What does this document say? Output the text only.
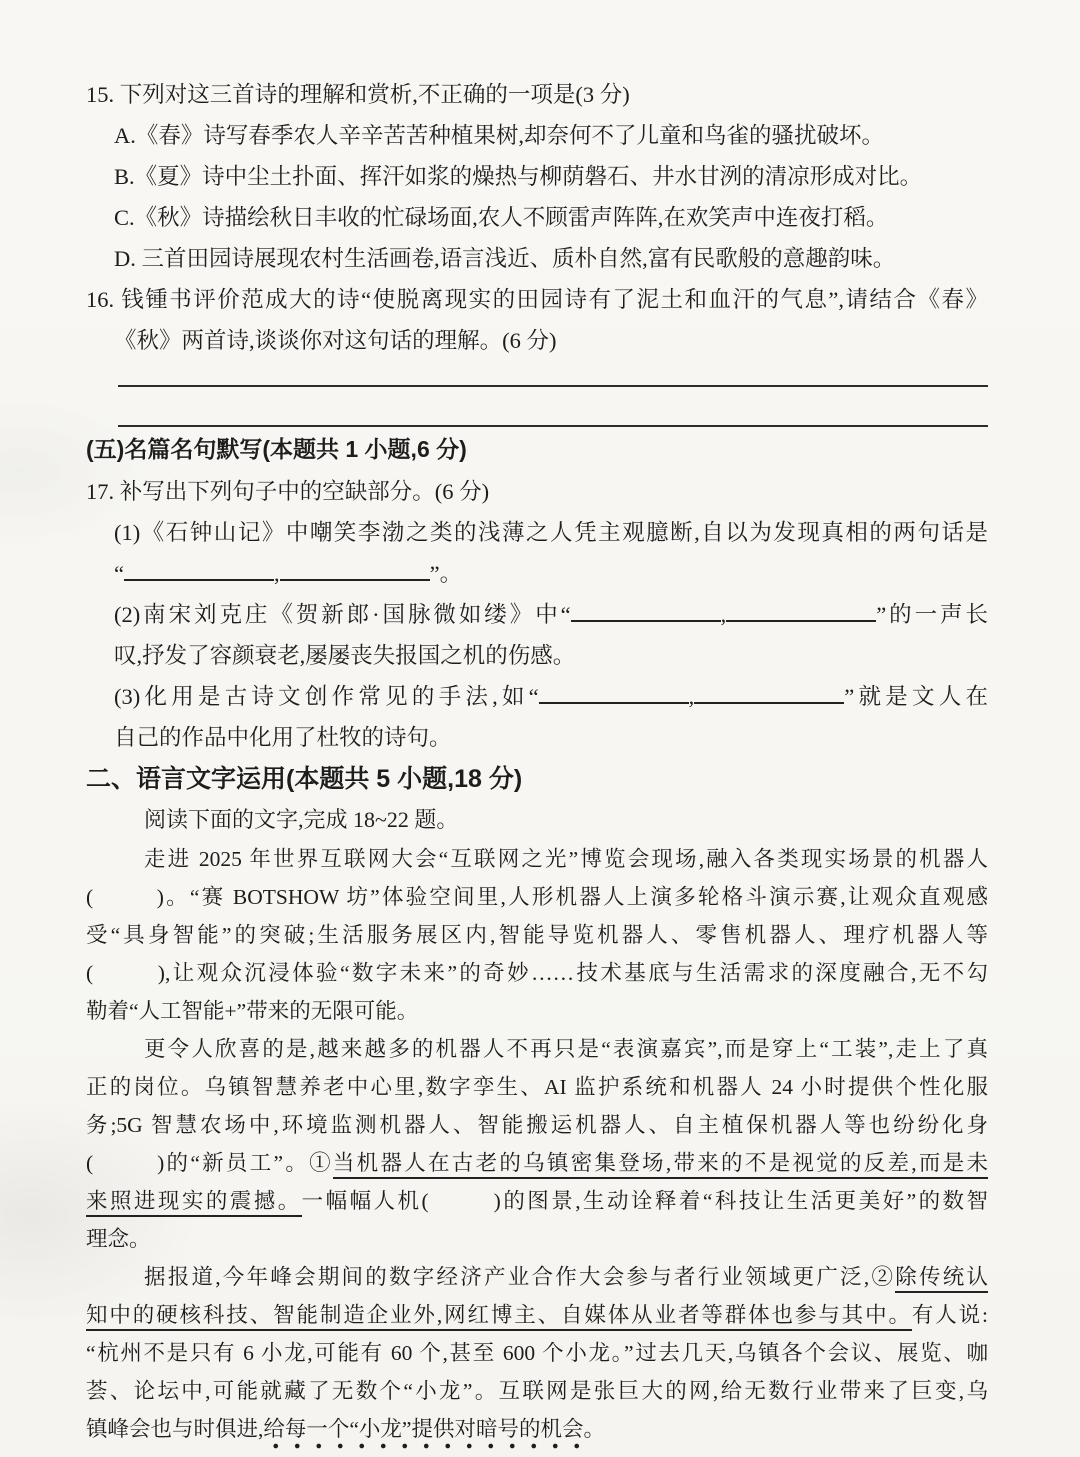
15. 下列对这三首诗的理解和赏析,不正确的一项是(3 分)
A.《春》诗写春季农人辛辛苦苦种植果树,却奈何不了儿童和鸟雀的骚扰破坏。
B.《夏》诗中尘土扑面、挥汗如浆的燥热与柳荫磐石、井水甘洌的清凉形成对比。
C.《秋》诗描绘秋日丰收的忙碌场面,农人不顾雷声阵阵,在欢笑声中连夜打稻。
D. 三首田园诗展现农村生活画卷,语言浅近、质朴自然,富有民歌般的意趣韵味。
16. 钱锺书评价范成大的诗“使脱离现实的田园诗有了泥土和血汗的气息”,请结合《春》
《秋》两首诗,谈谈你对这句话的理解。(6 分)
(五)名篇名句默写(本题共 1 小题,6 分)
17. 补写出下列句子中的空缺部分。(6 分)
(1)《石钟山记》中嘲笑李渤之类的浅薄之人凭主观臆断,自以为发现真相的两句话是
“	,	”。
(2)南宋刘克庄《贺新郎·国脉微如缕》中“	,	”的一声长
叹,抒发了容颜衰老,屡屡丧失报国之机的伤感。
(3)化用是古诗文创作常见的手法,如“	,	”就是文人在
自己的作品中化用了杜牧的诗句。
二、语言文字运用(本题共 5 小题,18 分)
阅读下面的文字,完成 18~22 题。
走进 2025 年世界互联网大会“互联网之光”博览会现场,融入各类现实场景的机器人
(      )。“赛 BOTSHOW 坊”体验空间里,人形机器人上演多轮格斗演示赛,让观众直观感
受“具身智能”的突破;生活服务展区内,智能导览机器人、零售机器人、理疗机器人等
(      ),让观众沉浸体验“数字未来”的奇妙……技术基底与生活需求的深度融合,无不勾
勒着“人工智能+”带来的无限可能。
更令人欣喜的是,越来越多的机器人不再只是“表演嘉宾”,而是穿上“工装”,走上了真
正的岗位。乌镇智慧养老中心里,数字孪生、AI 监护系统和机器人 24 小时提供个性化服
务;5G 智慧农场中,环境监测机器人、智能搬运机器人、自主植保机器人等也纷纷化身
(      )的“新员工”。①当机器人在古老的乌镇密集登场,带来的不是视觉的反差,而是未
来照进现实的震撼。一幅幅人机(      )的图景,生动诠释着“科技让生活更美好”的数智
理念。
据报道,今年峰会期间的数字经济产业合作大会参与者行业领域更广泛,②除传统认
知中的硬核科技、智能制造企业外,网红博主、自媒体从业者等群体也参与其中。有人说:
“杭州不是只有 6 小龙,可能有 60 个,甚至 600 个小龙。”过去几天,乌镇各个会议、展览、咖
荟、论坛中,可能就藏了无数个“小龙”。互联网是张巨大的网,给无数行业带来了巨变,乌
镇峰会也与时俱进,给每一个“小龙”提供对暗号的机会。
